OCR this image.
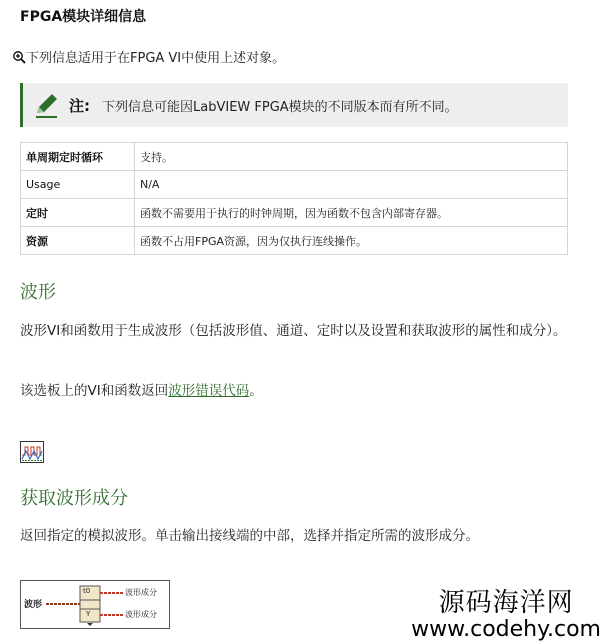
FPGA模块详细信息
下列信息适用于在FPGA VI中使用上述对象。
注: 下列信息可能因LabVIEW FPGA模块的不同版本而有所不同。
单周期定时循环	支持。
Usage	N/A
定时	函数不需要用于执行的时钟周期，因为函数不包含内部寄存器。
资源	函数不占用FPGA资源，因为仅执行连线操作。
波形
波形VI和函数用于生成波形（包括波形值、通道、定时以及设置和获取波形的属性和成分）。
该选板上的VI和函数返回波形错误代码。
获取波形成分
返回指定的模拟波形。单击输出接线端的中部，选择并指定所需的波形成分。
波形
t0
Y
波形成分
波形成分	源码海洋网
www.codehy.com
